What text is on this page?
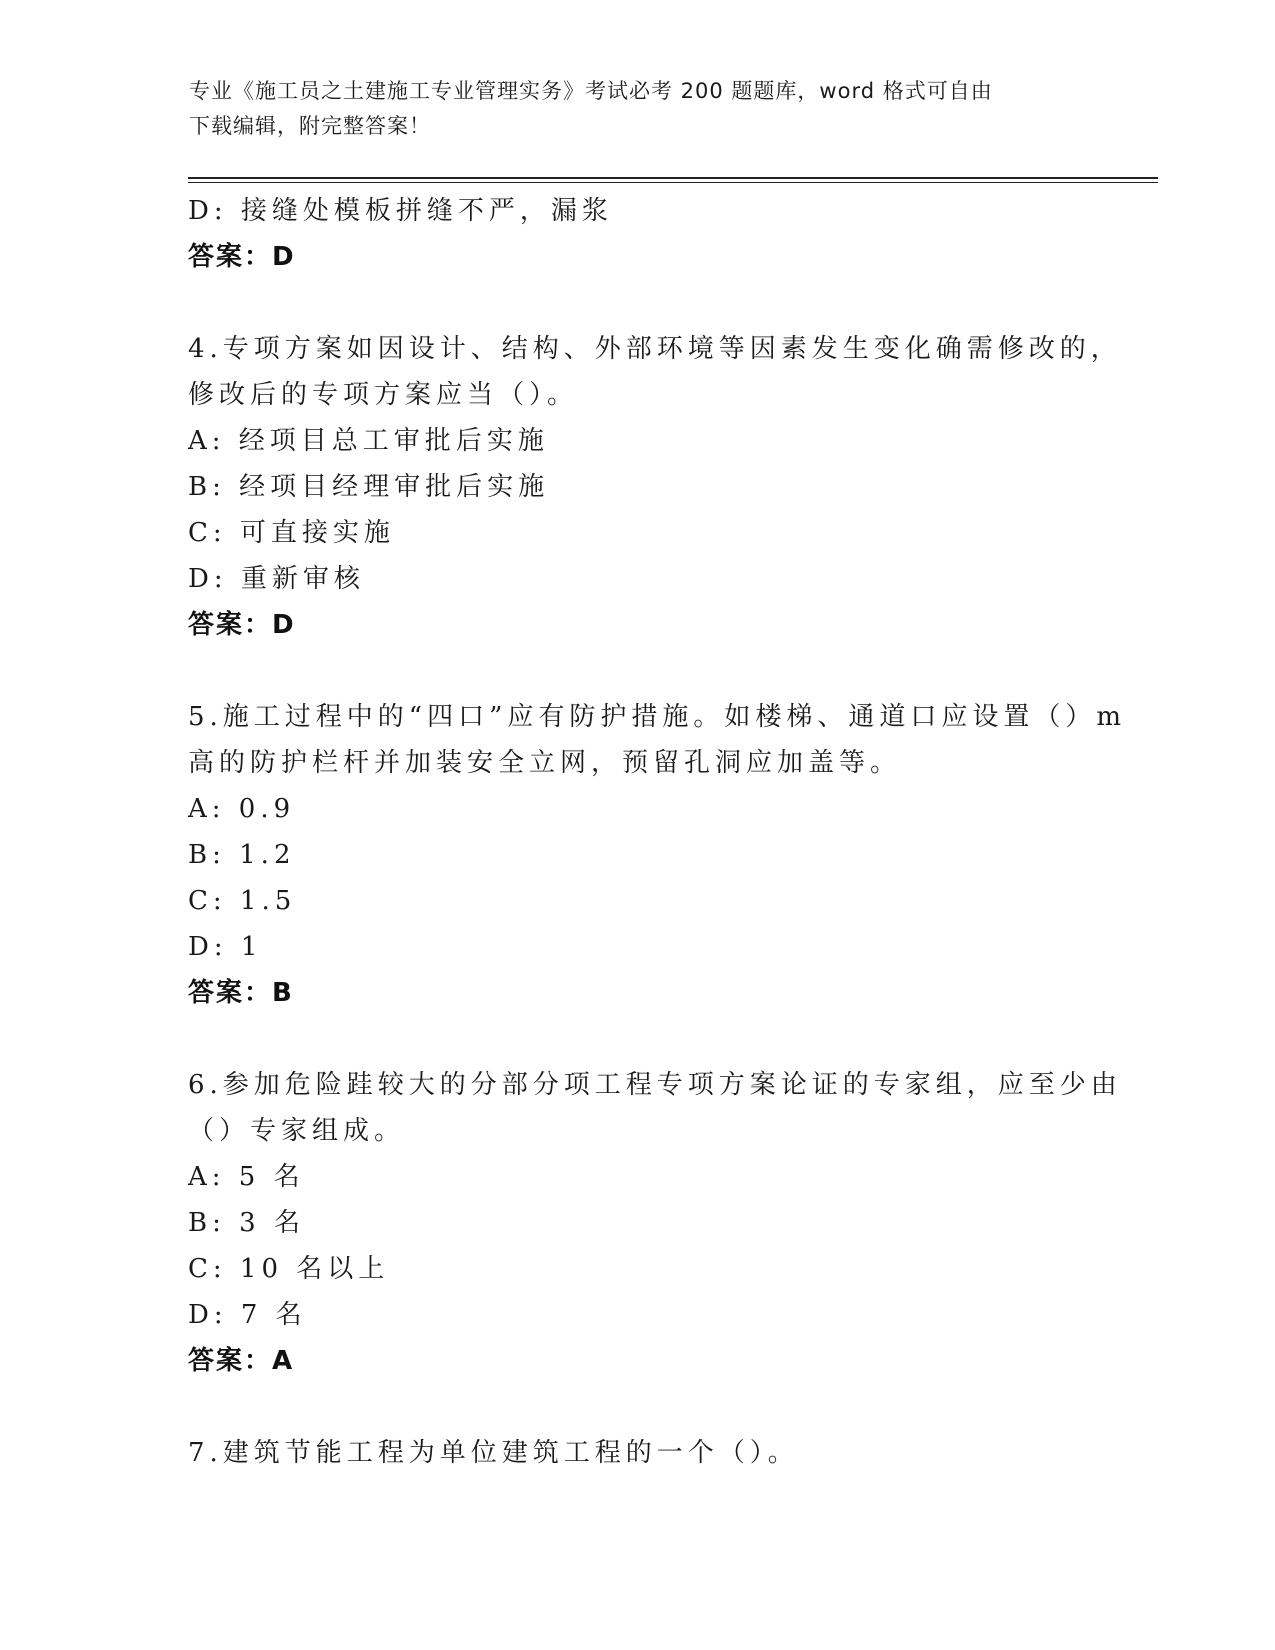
专业《施工员之土建施工专业管理实务》考试必考 200 题题库，word 格式可自由
下载编辑，附完整答案！
D: 接缝处模板拼缝不严，漏浆
答案：D
4.专项方案如因设计、结构、外部环境等因素发生变化确需修改的，
修改后的专项方案应当（）。
A: 经项目总工审批后实施
B: 经项目经理审批后实施
C: 可直接实施
D: 重新审核
答案：D
5.施工过程中的“四口”应有防护措施。如楼梯、通道口应设置（）m
高的防护栏杆并加装安全立网，预留孔洞应加盖等。
A: 0.9
B: 1.2
C: 1.5
D: 1
答案：B
6.参加危险跬较大的分部分项工程专项方案论证的专家组，应至少由
（）专家组成。
A: 5 名
B: 3 名
C: 10 名以上
D: 7 名
答案：A
7.建筑节能工程为单位建筑工程的一个（）。
